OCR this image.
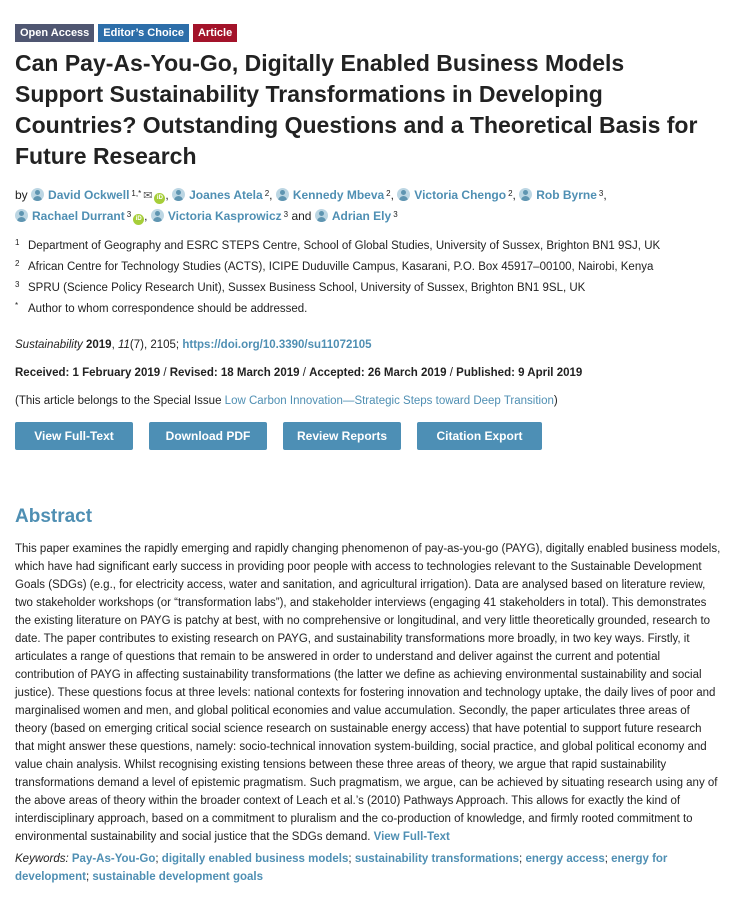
Open Access	Editor’s Choice	Article
Can Pay-As-You-Go, Digitally Enabled Business Models Support Sustainability Transformations in Developing Countries? Outstanding Questions and a Theoretical Basis for Future Research
by David Ockwell $^{1,*}$ ✉ iD , Joanes Atela $^2$, Kennedy Mbeva $^2$, Victoria Chengo $^2$, Rob Byrne $^3$, Rachael Durrant $^3$ iD , Victoria Kasprowicz $^3$ and Adrian Ely $^3$
1 Department of Geography and ESRC STEPS Centre, School of Global Studies, University of Sussex, Brighton BN1 9SJ, UK
2 African Centre for Technology Studies (ACTS), ICIPE Duduville Campus, Kasarani, P.O. Box 45917–00100, Nairobi, Kenya
3 SPRU (Science Policy Research Unit), Sussex Business School, University of Sussex, Brighton BN1 9SL, UK
* Author to whom correspondence should be addressed.
Sustainability 2019, 11(7), 2105; https://doi.org/10.3390/su11072105
Received: 1 February 2019 / Revised: 18 March 2019 / Accepted: 26 March 2019 / Published: 9 April 2019
(This article belongs to the Special Issue Low Carbon Innovation—Strategic Steps toward Deep Transition)
View Full-Text	Download PDF	Review Reports	Citation Export
Abstract
This paper examines the rapidly emerging and rapidly changing phenomenon of pay-as-you-go (PAYG), digitally enabled business models, which have had significant early success in providing poor people with access to technologies relevant to the Sustainable Development Goals (SDGs) (e.g., for electricity access, water and sanitation, and agricultural irrigation). Data are analysed based on literature review, two stakeholder workshops (or “transformation labs”), and stakeholder interviews (engaging 41 stakeholders in total). This demonstrates the existing literature on PAYG is patchy at best, with no comprehensive or longitudinal, and very little theoretically grounded, research to date. The paper contributes to existing research on PAYG, and sustainability transformations more broadly, in two key ways. Firstly, it articulates a range of questions that remain to be answered in order to understand and deliver against the current and potential contribution of PAYG in affecting sustainability transformations (the latter we define as achieving environmental sustainability and social justice). These questions focus at three levels: national contexts for fostering innovation and technology uptake, the daily lives of poor and marginalised women and men, and global political economies and value accumulation. Secondly, the paper articulates three areas of theory (based on emerging critical social science research on sustainable energy access) that have potential to support future research that might answer these questions, namely: socio-technical innovation system-building, social practice, and global political economy and value chain analysis. Whilst recognising existing tensions between these three areas of theory, we argue that rapid sustainability transformations demand a level of epistemic pragmatism. Such pragmatism, we argue, can be achieved by situating research using any of the above areas of theory within the broader context of Leach et al.’s (2010) Pathways Approach. This allows for exactly the kind of interdisciplinary approach, based on a commitment to pluralism and the co-production of knowledge, and firmly rooted commitment to environmental sustainability and social justice that the SDGs demand. View Full-Text
Keywords: Pay-As-You-Go; digitally enabled business models; sustainability transformations; energy access; energy for development; sustainable development goals
